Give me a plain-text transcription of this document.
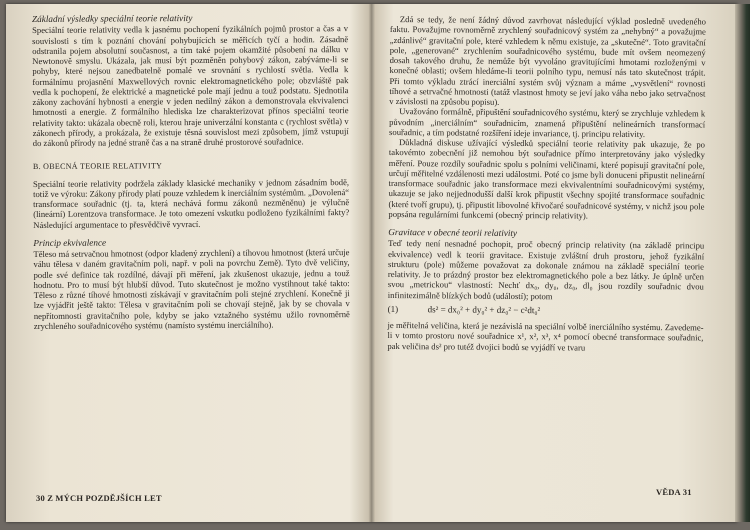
Základní výsledky speciální teorie relativity

Speciální teorie relativity vedla k jasnému pochopení fyzikálních pojmů prostor a čas a v souvislosti s tím k poznání chování pohybujících se měřicích tyčí a hodin. Zásadně odstranila pojem absolutní současnost, a tím také pojem okamžité působení na dálku v Newtonově smyslu. Ukázala, jak musí být pozměněn pohybový zákon, zabýváme-li se pohyby, které nejsou zanedbatelně pomalé ve srovnání s rychlostí světla. Vedla k formálnímu projasnění Maxwellových rovnic elektromagnetického pole; obzvláště pak vedla k pochopení, že elektrické a magnetické pole mají jednu a touž podstatu. Sjednotila zákony zachování hybnosti a energie v jeden nedílný zákon a demonstrovala ekvivalenci hmotnosti a energie. Z formálního hlediska lze charakterizovat přínos speciální teorie relativity takto: ukázala obecně roli, kterou hraje univerzální konstanta c (rychlost světla) v zákonech přírody, a prokázala, že existuje těsná souvislost mezi způsobem, jímž vstupují do zákonů přírody na jedné straně čas a na straně druhé prostorové souřadnice.

B. OBECNÁ TEORIE RELATIVITY

Speciální teorie relativity podržela základy klasické mechaniky v jednom zásadním bodě, totiž ve výroku: Zákony přírody platí pouze vzhledem k inerciálním systémům. „Dovolená“ transformace souřadnic (tj. ta, která nechává formu zákonů nezměněnu) je výlučně (lineární) Lorentzova transformace. Je toto omezení vskutku podloženo fyzikálními fakty? Následující argumentace to přesvědčivě vyvrací.

Princip ekvivalence

Těleso má setrvačnou hmotnost (odpor kladený zrychlení) a tíhovou hmotnost (která určuje váhu tělesa v daném gravitačním poli, např. v poli na povrchu Země). Tyto dvě veličiny, podle své definice tak rozdílné, dávají při měření, jak zkušenost ukazuje, jednu a touž hodnotu. Pro to musí být hlubší důvod. Tuto skutečnost je možno vystihnout také takto: Těleso z různé tíhové hmotnosti získávají v gravitačním poli stejné zrychlení. Konečně ji lze vyjádřit ještě takto: Tělesa v gravitačním poli se chovají stejně, jak by se chovala v nepřítomnosti gravitačního pole, kdyby se jako vztažného systému užilo rovnoměrně zrychleného souřadnicového systému (namísto systému inerciálního).

30 Z MÝCH POZDĚJŠÍCH LET

Zdá se tedy, že není žádný důvod zavrhovat následující výklad posledně uvedeného faktu. Považujme rovnoměrně zrychlený souřadnicový systém za „nehybný“ a považujme „zdánlivé“ gravitační pole, které vzhledem k němu existuje, za „skutečné“. Toto gravitační pole, „generované“ zrychlením souřadnicového systému, bude mít ovšem neomezený dosah takového druhu, že nemůže být vyvoláno gravitujícími hmotami rozloženými v konečné oblasti; ovšem hledáme-li teorii polního typu, nemusí nás tato skutečnost trápit. Při tomto výkladu ztrácí inerciální systém svůj význam a máme „vysvětlení“ rovnosti tíhové a setrvačné hmotnosti (tatáž vlastnost hmoty se jeví jako váha nebo jako setrvačnost v závislosti na způsobu popisu).

Uvažováno formálně, připuštění souřadnicového systému, který se zrychluje vzhledem k původním „inerciálním“ souřadnicím, znamená připuštění nelineárních transformací souřadnic, a tím podstatné rozšíření ideje invariance, tj. principu relativity.

Důkladná diskuse užívající výsledků speciální teorie relativity pak ukazuje, že po takovémto zobecnění již nemohou být souřadnice přímo interpretovány jako výsledky měření. Pouze rozdíly souřadnic spolu s polními veličinami, které popisují gravitační pole, určují měřitelné vzdálenosti mezi událostmi. Poté co jsme byli donuceni připustit nelineární transformace souřadnic jako transformace mezi ekvivalentními souřadnicovými systémy, ukazuje se jako nejjednodušší další krok připustit všechny spojité transformace souřadnic (které tvoří grupu), tj. připustit libovolné křivočaré souřadnicové systémy, v nichž jsou pole popsána regulárními funkcemi (obecný princip relativity).

Gravitace v obecné teorii relativity

Teď tedy není nesnadné pochopit, proč obecný princip relativity (na základě principu ekvivalence) vedl k teorii gravitace. Existuje zvláštní druh prostoru, jehož fyzikální strukturu (pole) můžeme považovat za dokonale známou na základě speciální teorie relativity. Je to prázdný prostor bez elektromagnetického pole a bez látky. Je úplně určen svou „metrickou“ vlastností: Nechť dx₀, dy₀, dz₀, dl₀ jsou rozdíly souřadnic dvou infinitezimálně blízkých bodů (událostí); potom

(1)	ds² = dx₀² + dy₀² + dz₀² − c²dt₀²

je měřitelná veličina, která je nezávislá na speciální volbě inerciálního systému. Zavedeme-li v tomto prostoru nové souřadnice x¹, x², x³, x⁴ pomocí obecné transformace souřadnic, pak veličina ds² pro tutéž dvojici bodů se vyjádří ve tvaru

VĚDA 31
